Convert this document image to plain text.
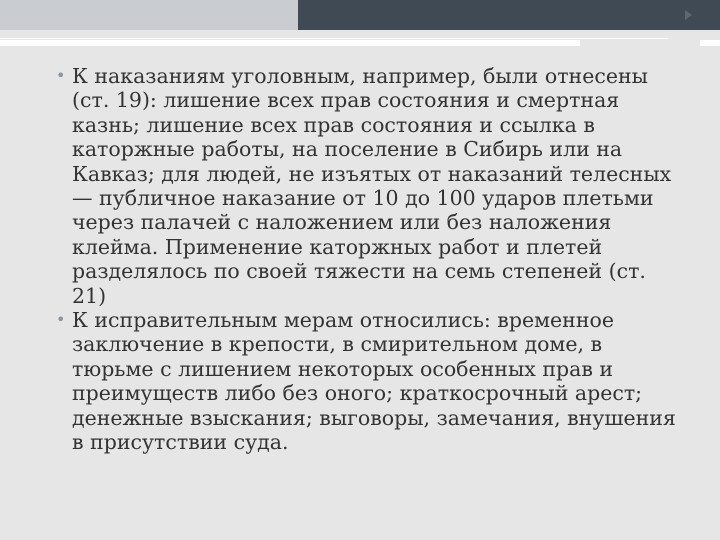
• К наказаниям уголовным, например, были отнесены (ст. 19): лишение всех прав состояния и смертная казнь; лишение всех прав состояния и ссылка в каторжные работы, на поселение в Сибирь или на Кавказ; для людей, не изъятых от наказаний телесных — публичное наказание от 10 до 100 ударов плетьми через палачей с наложением или без наложения клейма. Применение каторжных работ и плетей разделялось по своей тяжести на семь степеней (ст. 21)
• К исправительным мерам относились: временное заключение в крепости, в смирительном доме, в тюрьме с лишением некоторых особенных прав и преимуществ либо без оного; краткосрочный арест; денежные взыскания; выговоры, замечания, внушения в присутствии суда.
